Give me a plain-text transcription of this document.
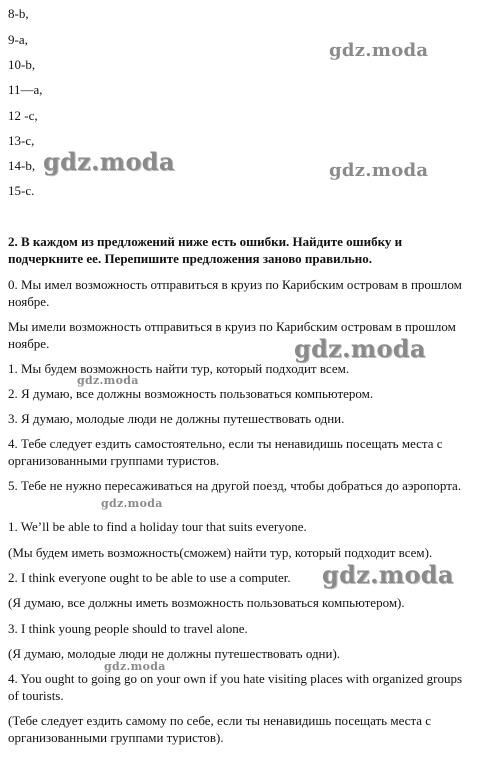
8-b,
9-a,
10-b,
11—a,
12 -c,
13-c,
14-b,
15-c.
2. В каждом из предложений ниже есть ошибки. Найдите ошибку и подчеркните ее. Перепишите предложения заново правильно.
0. Мы имел возможность отправиться в круиз по Карибским островам в прошлом ноябре.
Мы имели возможность отправиться в круиз по Карибским островам в прошлом ноябре.
1. Мы будем возможность найти тур, который подходит всем.
2. Я думаю, все должны возможность пользоваться компьютером.
3. Я думаю, молодые люди не должны путешествовать одни.
4. Тебе следует ездить самостоятельно, если ты ненавидишь посещать места с организованными группами туристов.
5. Тебе не нужно пересаживаться на другой поезд, чтобы добраться до аэропорта.
1. We’ll be able to find a holiday tour that suits everyone.
(Мы будем иметь возможность(сможем) найти тур, который подходит всем).
2. I think everyone ought to be able to use a computer.
(Я думаю, все должны иметь возможность пользоваться компьютером).
3. I think young people should to travel alone.
(Я думаю, молодые люди не должны путешествовать одни).
4. You ought to going go on your own if you hate visiting places with organized groups of tourists.
(Тебе следует ездить самому по себе, если ты ненавидишь посещать места с организованными группами туристов).
gdz.moda
gdz.moda	gdz.moda
gdz.moda
gdz.moda
gdz.moda
gdz.moda
gdz.moda
